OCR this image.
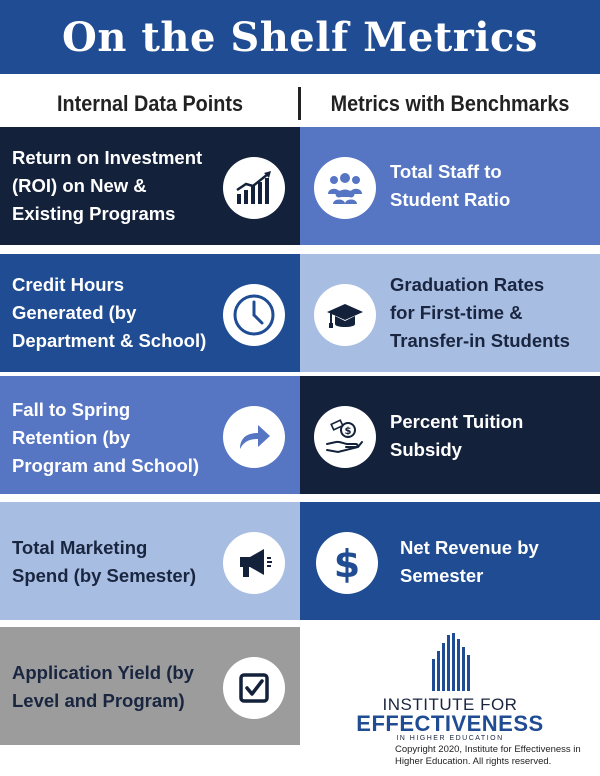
On the Shelf Metrics
Internal Data Points	Metrics with Benchmarks
Return on Investment
(ROI) on New &
Existing Programs
Credit Hours
Generated (by
Department & School)
Fall to Spring
Retention (by
Program and School)
Total Marketing
Spend (by Semester)
Application Yield (by
Level and Program)
Total Staff to
Student Ratio
Graduation Rates
for First-time &
Transfer-in Students
Percent Tuition
Subsidy
$
Net Revenue by
Semester
$
INSTITUTE FOR
EFFECTIVENESS
IN HIGHER EDUCATION
Copyright 2020, Institute for Effectiveness in
Higher Education. All rights reserved.
